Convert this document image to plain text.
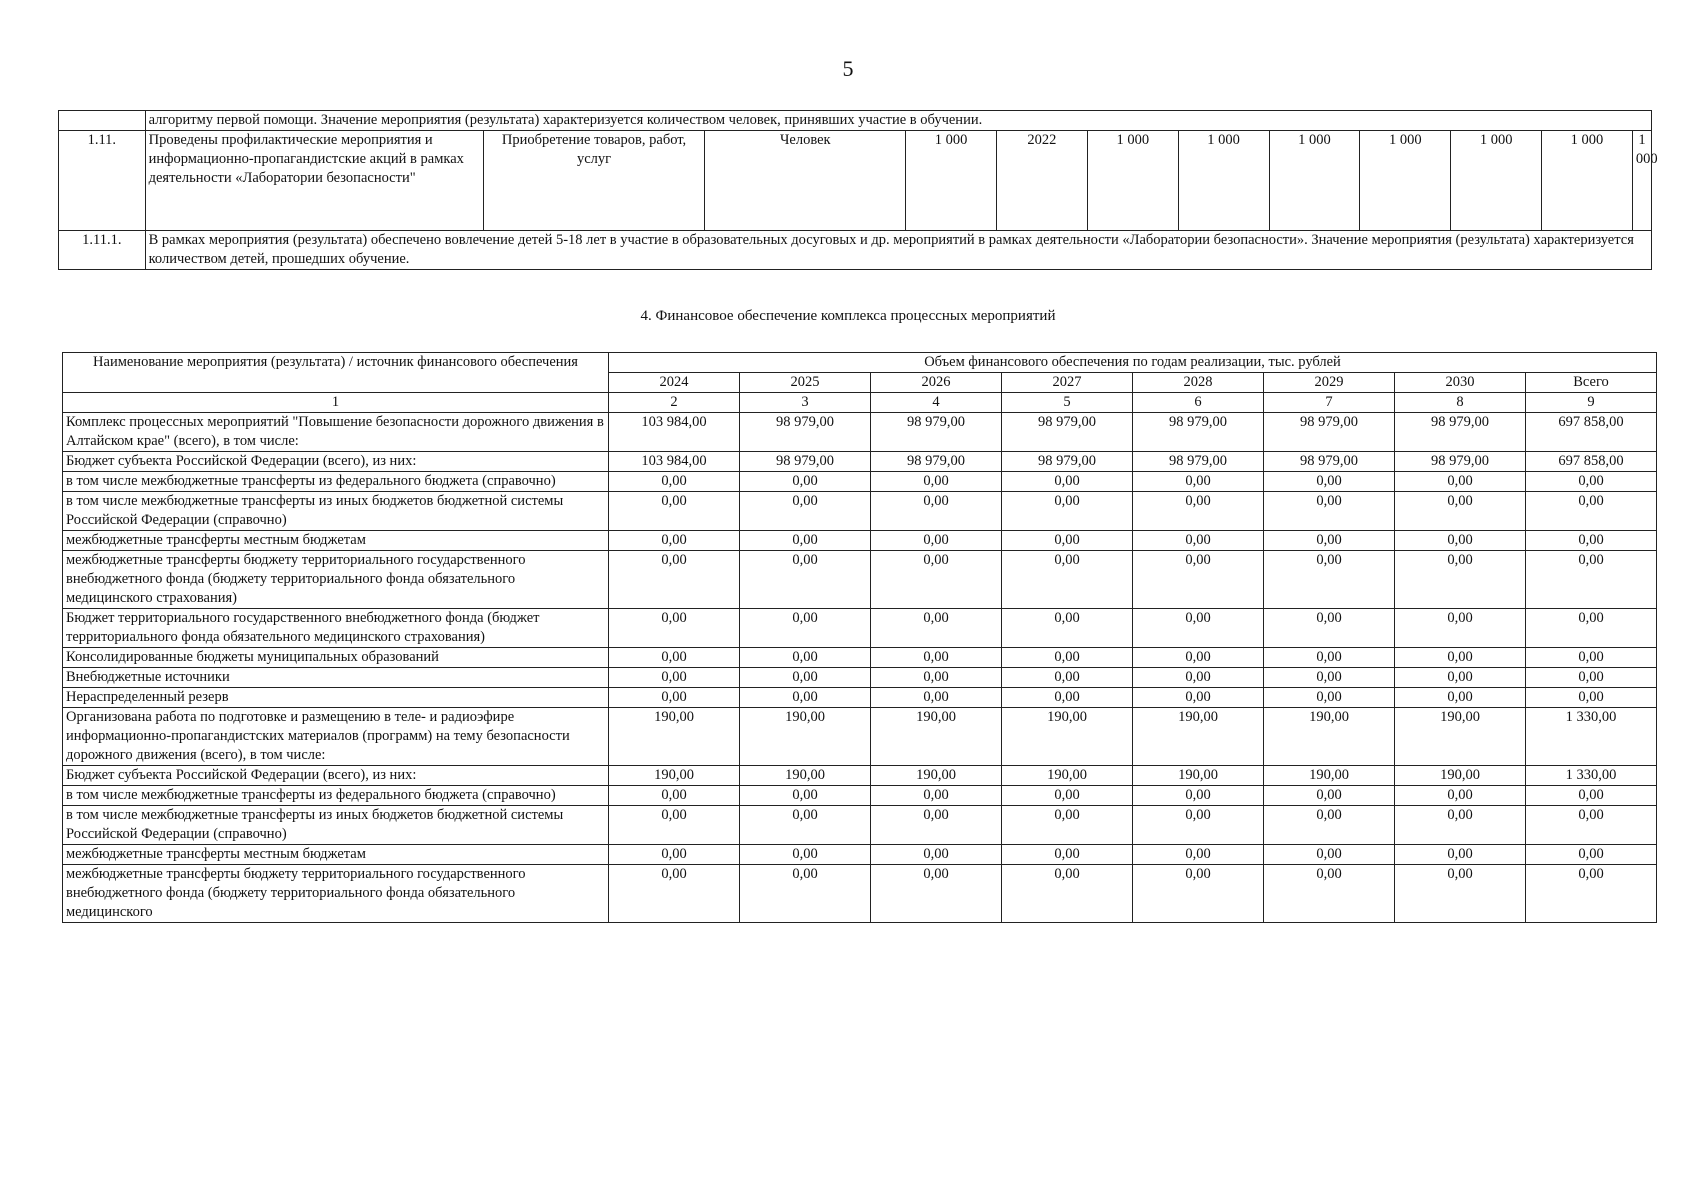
5
	алгоритму первой помощи. Значение мероприятия (результата) характеризуется количеством человек, принявших участие в обучении.											
1.11.	Проведены профилактические мероприятия и информационно-пропагандистские акций в рамках деятельности «Лаборатории безопасности"	Приобретение товаров, работ, услуг	Человек	1 000	2022	1 000	1 000	1 000	1 000	1 000	1 000	1 000
1.11.1.	В рамках мероприятия (результата) обеспечено вовлечение детей 5-18 лет в участие в образовательных досуговых и др. мероприятий в рамках деятельности «Лаборатории безопасности». Значение мероприятия (результата) характеризуется количеством детей, прошедших обучение.											
4. Финансовое обеспечение комплекса процессных мероприятий
Наименование мероприятия (результата) / источник финансового обеспечения	Объем финансового обеспечения по годам реализации, тыс. рублей							
	2024	2025	2026	2027	2028	2029	2030	Всего
1	2	3	4	5	6	7	8	9
Комплекс процессных мероприятий "Повышение безопасности дорожного движения в Алтайском крае" (всего), в том числе:	103 984,00	98 979,00	98 979,00	98 979,00	98 979,00	98 979,00	98 979,00	697 858,00
Бюджет субъекта Российской Федерации (всего), из них:	103 984,00	98 979,00	98 979,00	98 979,00	98 979,00	98 979,00	98 979,00	697 858,00
в том числе межбюджетные трансферты из федерального бюджета (справочно)	0,00	0,00	0,00	0,00	0,00	0,00	0,00	0,00
в том числе межбюджетные трансферты из иных бюджетов бюджетной системы Российской Федерации (справочно)	0,00	0,00	0,00	0,00	0,00	0,00	0,00	0,00
межбюджетные трансферты местным бюджетам	0,00	0,00	0,00	0,00	0,00	0,00	0,00	0,00
межбюджетные трансферты бюджету территориального государственного внебюджетного фонда (бюджету территориального фонда обязательного медицинского страхования)	0,00	0,00	0,00	0,00	0,00	0,00	0,00	0,00
Бюджет территориального государственного внебюджетного фонда (бюджет территориального фонда обязательного медицинского страхования)	0,00	0,00	0,00	0,00	0,00	0,00	0,00	0,00
Консолидированные бюджеты муниципальных образований	0,00	0,00	0,00	0,00	0,00	0,00	0,00	0,00
Внебюджетные источники	0,00	0,00	0,00	0,00	0,00	0,00	0,00	0,00
Нераспределенный резерв	0,00	0,00	0,00	0,00	0,00	0,00	0,00	0,00
Организована работа по подготовке и размещению в теле- и радиоэфире информационно-пропагандистских материалов (программ) на тему безопасности дорожного движения (всего), в том числе:	190,00	190,00	190,00	190,00	190,00	190,00	190,00	1 330,00
Бюджет субъекта Российской Федерации (всего), из них:	190,00	190,00	190,00	190,00	190,00	190,00	190,00	1 330,00
в том числе межбюджетные трансферты из федерального бюджета (справочно)	0,00	0,00	0,00	0,00	0,00	0,00	0,00	0,00
в том числе межбюджетные трансферты из иных бюджетов бюджетной системы Российской Федерации (справочно)	0,00	0,00	0,00	0,00	0,00	0,00	0,00	0,00
межбюджетные трансферты местным бюджетам	0,00	0,00	0,00	0,00	0,00	0,00	0,00	0,00
межбюджетные трансферты бюджету территориального государственного внебюджетного фонда (бюджету территориального фонда обязательного медицинского	0,00	0,00	0,00	0,00	0,00	0,00	0,00	0,00
